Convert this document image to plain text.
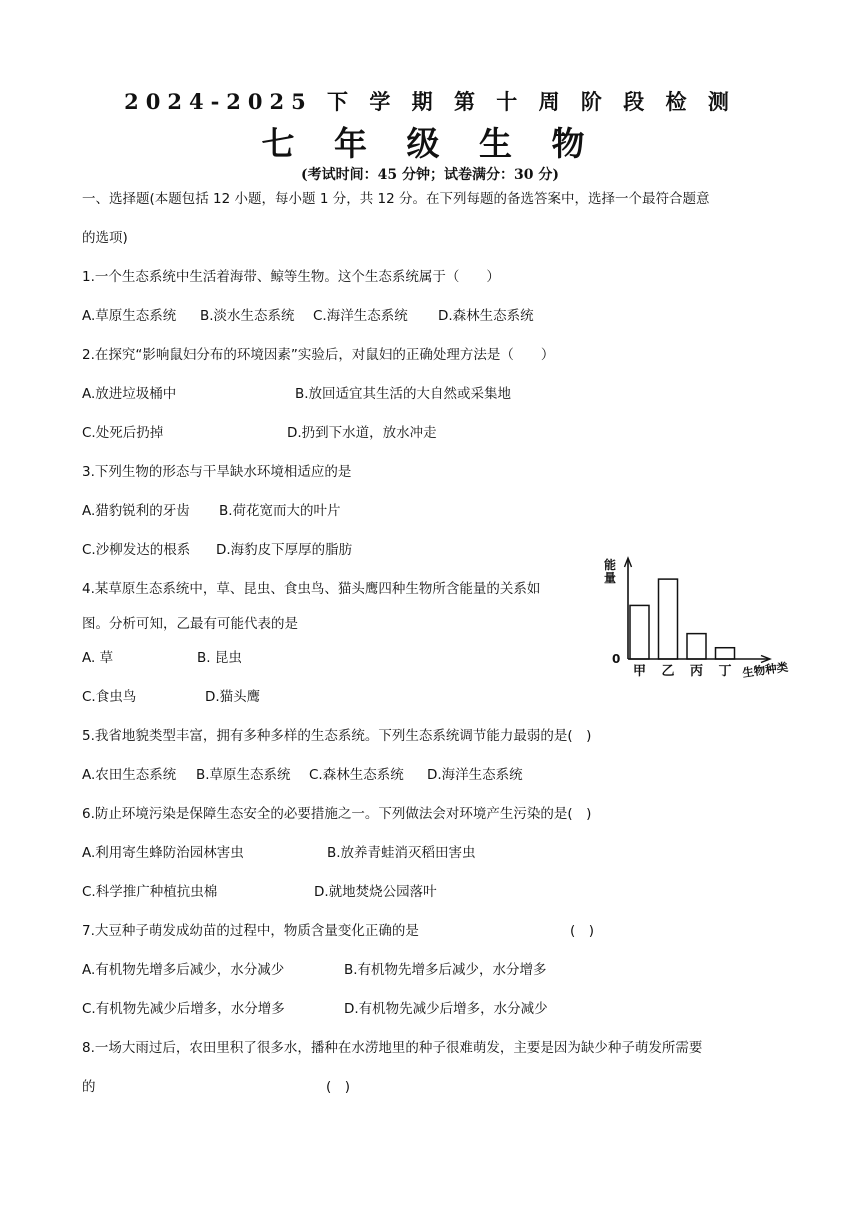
2024-2025 下 学 期 第 十 周 阶 段 检 测
七 年 级 生 物
(考试时间：45 分钟；试卷满分：30 分)
一、选择题(本题包括 12 小题，每小题 1 分，共 12 分。在下列每题的备选答案中，选择一个最符合题意
的选项)
1.一个生态系统中生活着海带、鲸等生物。这个生态系统属于（　　）
A.草原生态系统 B.淡水生态系统 C.海洋生态系统 D.森林生态系统
2.在探究“影响鼠妇分布的环境因素”实验后，对鼠妇的正确处理方法是（　　）
A.放进垃圾桶中	B.放回适宜其生活的大自然或采集地
C.处死后扔掉	D.扔到下水道，放水冲走
3.下列生物的形态与干旱缺水环境相适应的是
A.猎豹锐利的牙齿 B.荷花宽而大的叶片
C.沙柳发达的根系 D.海豹皮下厚厚的脂肪
4.某草原生态系统中，草、昆虫、食虫鸟、猫头鹰四种生物所含能量的关系如
图。分析可知，乙最有可能代表的是
A. 草	B. 昆虫
C.食虫鸟	D.猫头鹰
能量
0
生物种类
甲 乙 丙 丁
5.我省地貌类型丰富，拥有多种多样的生态系统。下列生态系统调节能力最弱的是(　)
A.农田生态系统 B.草原生态系统 C.森林生态系统 D.海洋生态系统
6.防止环境污染是保障生态安全的必要措施之一。下列做法会对环境产生污染的是(　)
A.利用寄生蜂防治园林害虫	B.放养青蛙消灭稻田害虫
C.科学推广种植抗虫棉	D.就地焚烧公园落叶
7.大豆种子萌发成幼苗的过程中，物质含量变化正确的是	(　)
A.有机物先增多后减少，水分减少	B.有机物先增多后减少，水分增多
C.有机物先减少后增多，水分增多	D.有机物先减少后增多，水分减少
8.一场大雨过后，农田里积了很多水，播种在水涝地里的种子很难萌发，主要是因为缺少种子萌发所需要
的	(　)
